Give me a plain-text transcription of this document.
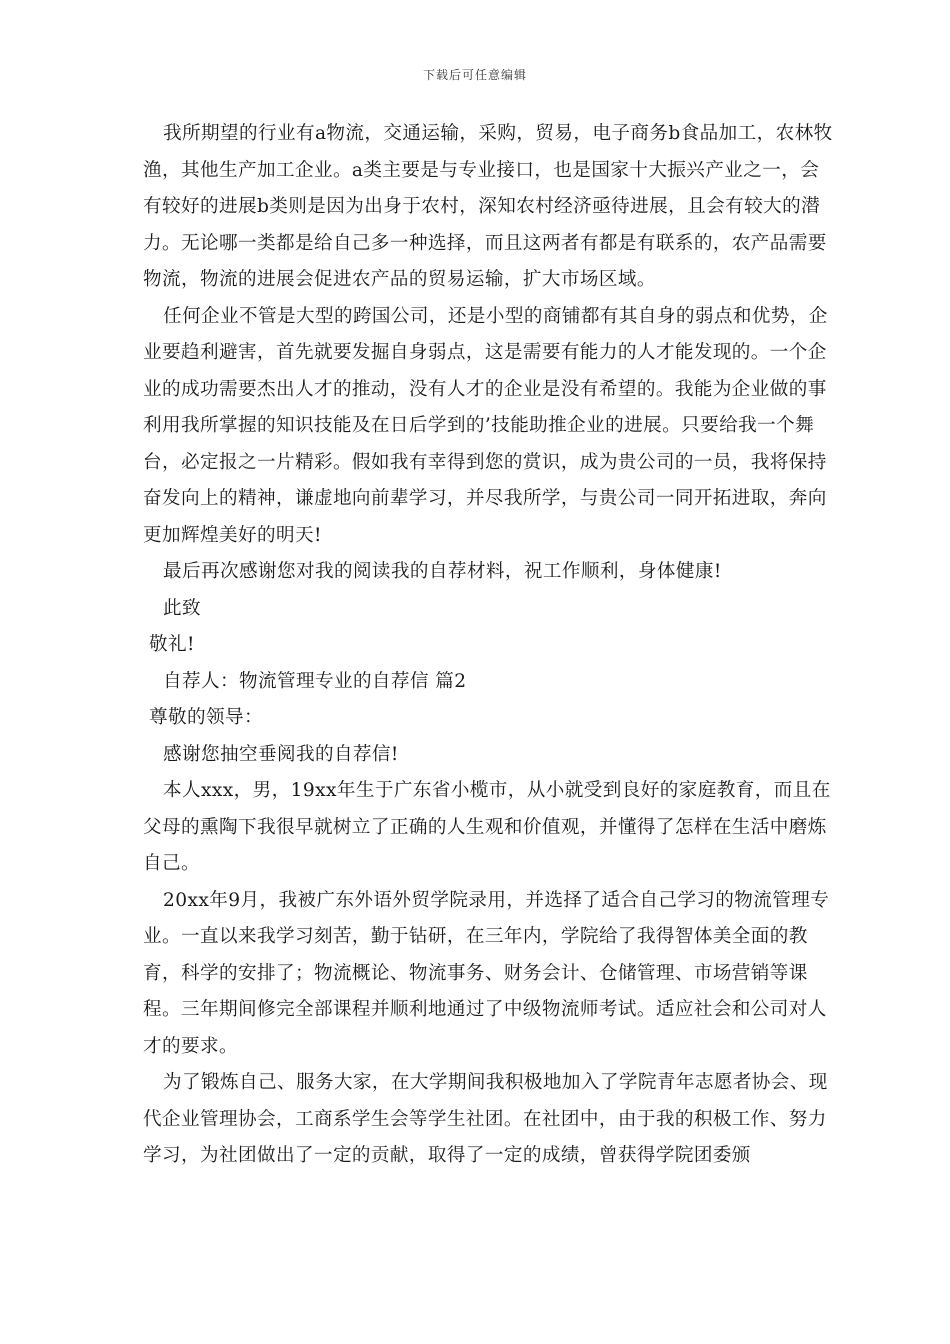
下载后可任意编辑

我所期望的行业有a物流，交通运输，采购，贸易，电子商务b食品加工，农林牧渔，其他生产加工企业。a类主要是与专业接口，也是国家十大振兴产业之一，会有较好的进展b类则是因为出身于农村，深知农村经济亟待进展，且会有较大的潜力。无论哪一类都是给自己多一种选择，而且这两者有都是有联系的，农产品需要物流，物流的进展会促进农产品的贸易运输，扩大市场区域。

任何企业不管是大型的跨国公司，还是小型的商铺都有其自身的弱点和优势，企业要趋利避害，首先就要发掘自身弱点，这是需要有能力的人才能发现的。一个企业的成功需要杰出人才的推动，没有人才的企业是没有希望的。我能为企业做的事利用我所掌握的知识技能及在日后学到的’技能助推企业的进展。只要给我一个舞台，必定报之一片精彩。假如我有幸得到您的赏识，成为贵公司的一员，我将保持奋发向上的精神，谦虚地向前辈学习，并尽我所学，与贵公司一同开拓进取，奔向更加辉煌美好的明天!

最后再次感谢您对我的阅读我的自荐材料，祝工作顺利，身体健康!

此致

敬礼!

自荐人：物流管理专业的自荐信 篇2

尊敬的领导：

感谢您抽空垂阅我的自荐信!

本人xxx，男，19xx年生于广东省小榄市，从小就受到良好的家庭教育，而且在父母的熏陶下我很早就树立了正确的人生观和价值观，并懂得了怎样在生活中磨炼自己。

20xx年9月，我被广东外语外贸学院录用，并选择了适合自己学习的物流管理专业。一直以来我学习刻苦，勤于钻研，在三年内，学院给了我得智体美全面的教育，科学的安排了；物流概论、物流事务、财务会计、仓储管理、市场营销等课程。三年期间修完全部课程并顺利地通过了中级物流师考试。适应社会和公司对人才的要求。

为了锻炼自己、服务大家，在大学期间我积极地加入了学院青年志愿者协会、现代企业管理协会，工商系学生会等学生社团。在社团中，由于我的积极工作、努力学习，为社团做出了一定的贡献，取得了一定的成绩，曾获得学院团委颁
